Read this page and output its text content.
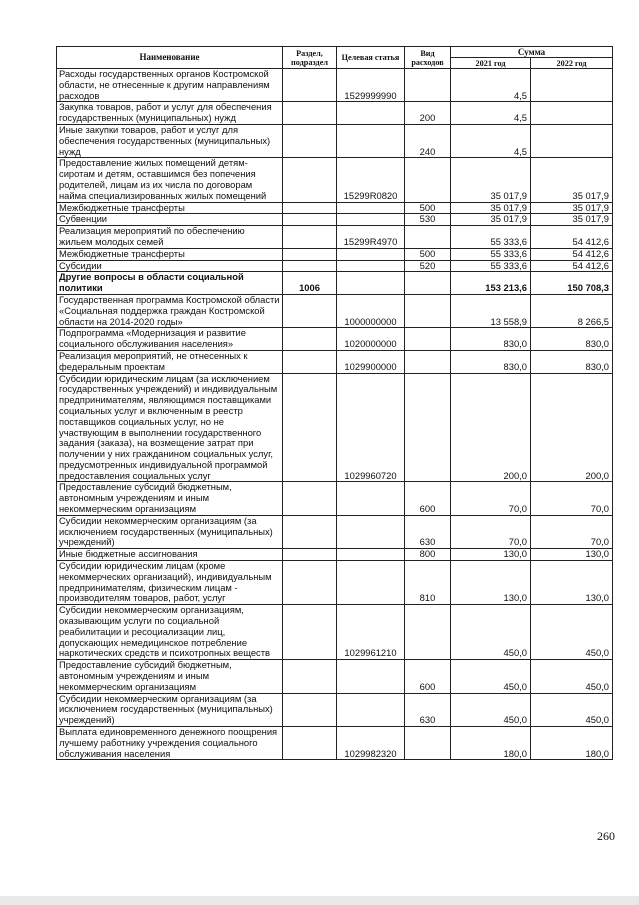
Наименование	Раздел, подраздел	Целевая статья	Вид расходов	Сумма	
				2021 год	2022 год
Расходы государственных органов Костромской области, не отнесенные к другим направлениям расходов		1529999990		4,5	
Закупка товаров, работ и услуг для обеспечения государственных (муниципальных) нужд			200	4,5	
Иные закупки товаров, работ и услуг для обеспечения государственных (муниципальных) нужд			240	4,5	
Предоставление жилых помещений детям-сиротам и детям, оставшимся без попечения родителей, лицам из их числа по договорам найма специализированных жилых помещений		15299R0820		35 017,9	35 017,9
Межбюджетные трансферты			500	35 017,9	35 017,9
Субвенции			530	35 017,9	35 017,9
Реализация мероприятий по обеспечению жильем молодых семей		15299R4970		55 333,6	54 412,6
Межбюджетные трансферты			500	55 333,6	54 412,6
Субсидии			520	55 333,6	54 412,6
Другие вопросы в области социальной политики	1006			153 213,6	150 708,3
Государственная программа Костромской области «Социальная поддержка граждан Костромской области на 2014-2020 годы»		1000000000		13 558,9	8 266,5
Подпрограмма «Модернизация и развитие социального обслуживания населения»		1020000000		830,0	830,0
Реализация мероприятий, не отнесенных к федеральным проектам		1029900000		830,0	830,0
Субсидии юридическим лицам (за исключением государственных учреждений) и индивидуальным предпринимателям, являющимся поставщиками социальных услуг и включенным в реестр поставщиков социальных услуг, но не участвующим в выполнении государственного задания (заказа), на возмещение затрат при получении у них гражданином социальных услуг, предусмотренных индивидуальной программой предоставления социальных услуг		1029960720		200,0	200,0
Предоставление субсидий бюджетным, автономным учреждениям и иным некоммерческим организациям			600	70,0	70,0
Субсидии некоммерческим организациям (за исключением государственных (муниципальных) учреждений)			630	70,0	70,0
Иные бюджетные ассигнования			800	130,0	130,0
Субсидии юридическим лицам (кроме некоммерческих организаций), индивидуальным предпринимателям, физическим лицам - производителям товаров, работ, услуг			810	130,0	130,0
Субсидии некоммерческим организациям, оказывающим услуги по социальной реабилитации и ресоциализации лиц, допускающих немедицинское потребление наркотических средств и психотропных веществ		1029961210		450,0	450,0
Предоставление субсидий бюджетным, автономным учреждениям и иным некоммерческим организациям			600	450,0	450,0
Субсидии некоммерческим организациям (за исключением государственных (муниципальных) учреждений)			630	450,0	450,0
Выплата единовременного денежного поощрения лучшему работнику учреждения социального обслуживания населения		1029982320		180,0	180,0
260
